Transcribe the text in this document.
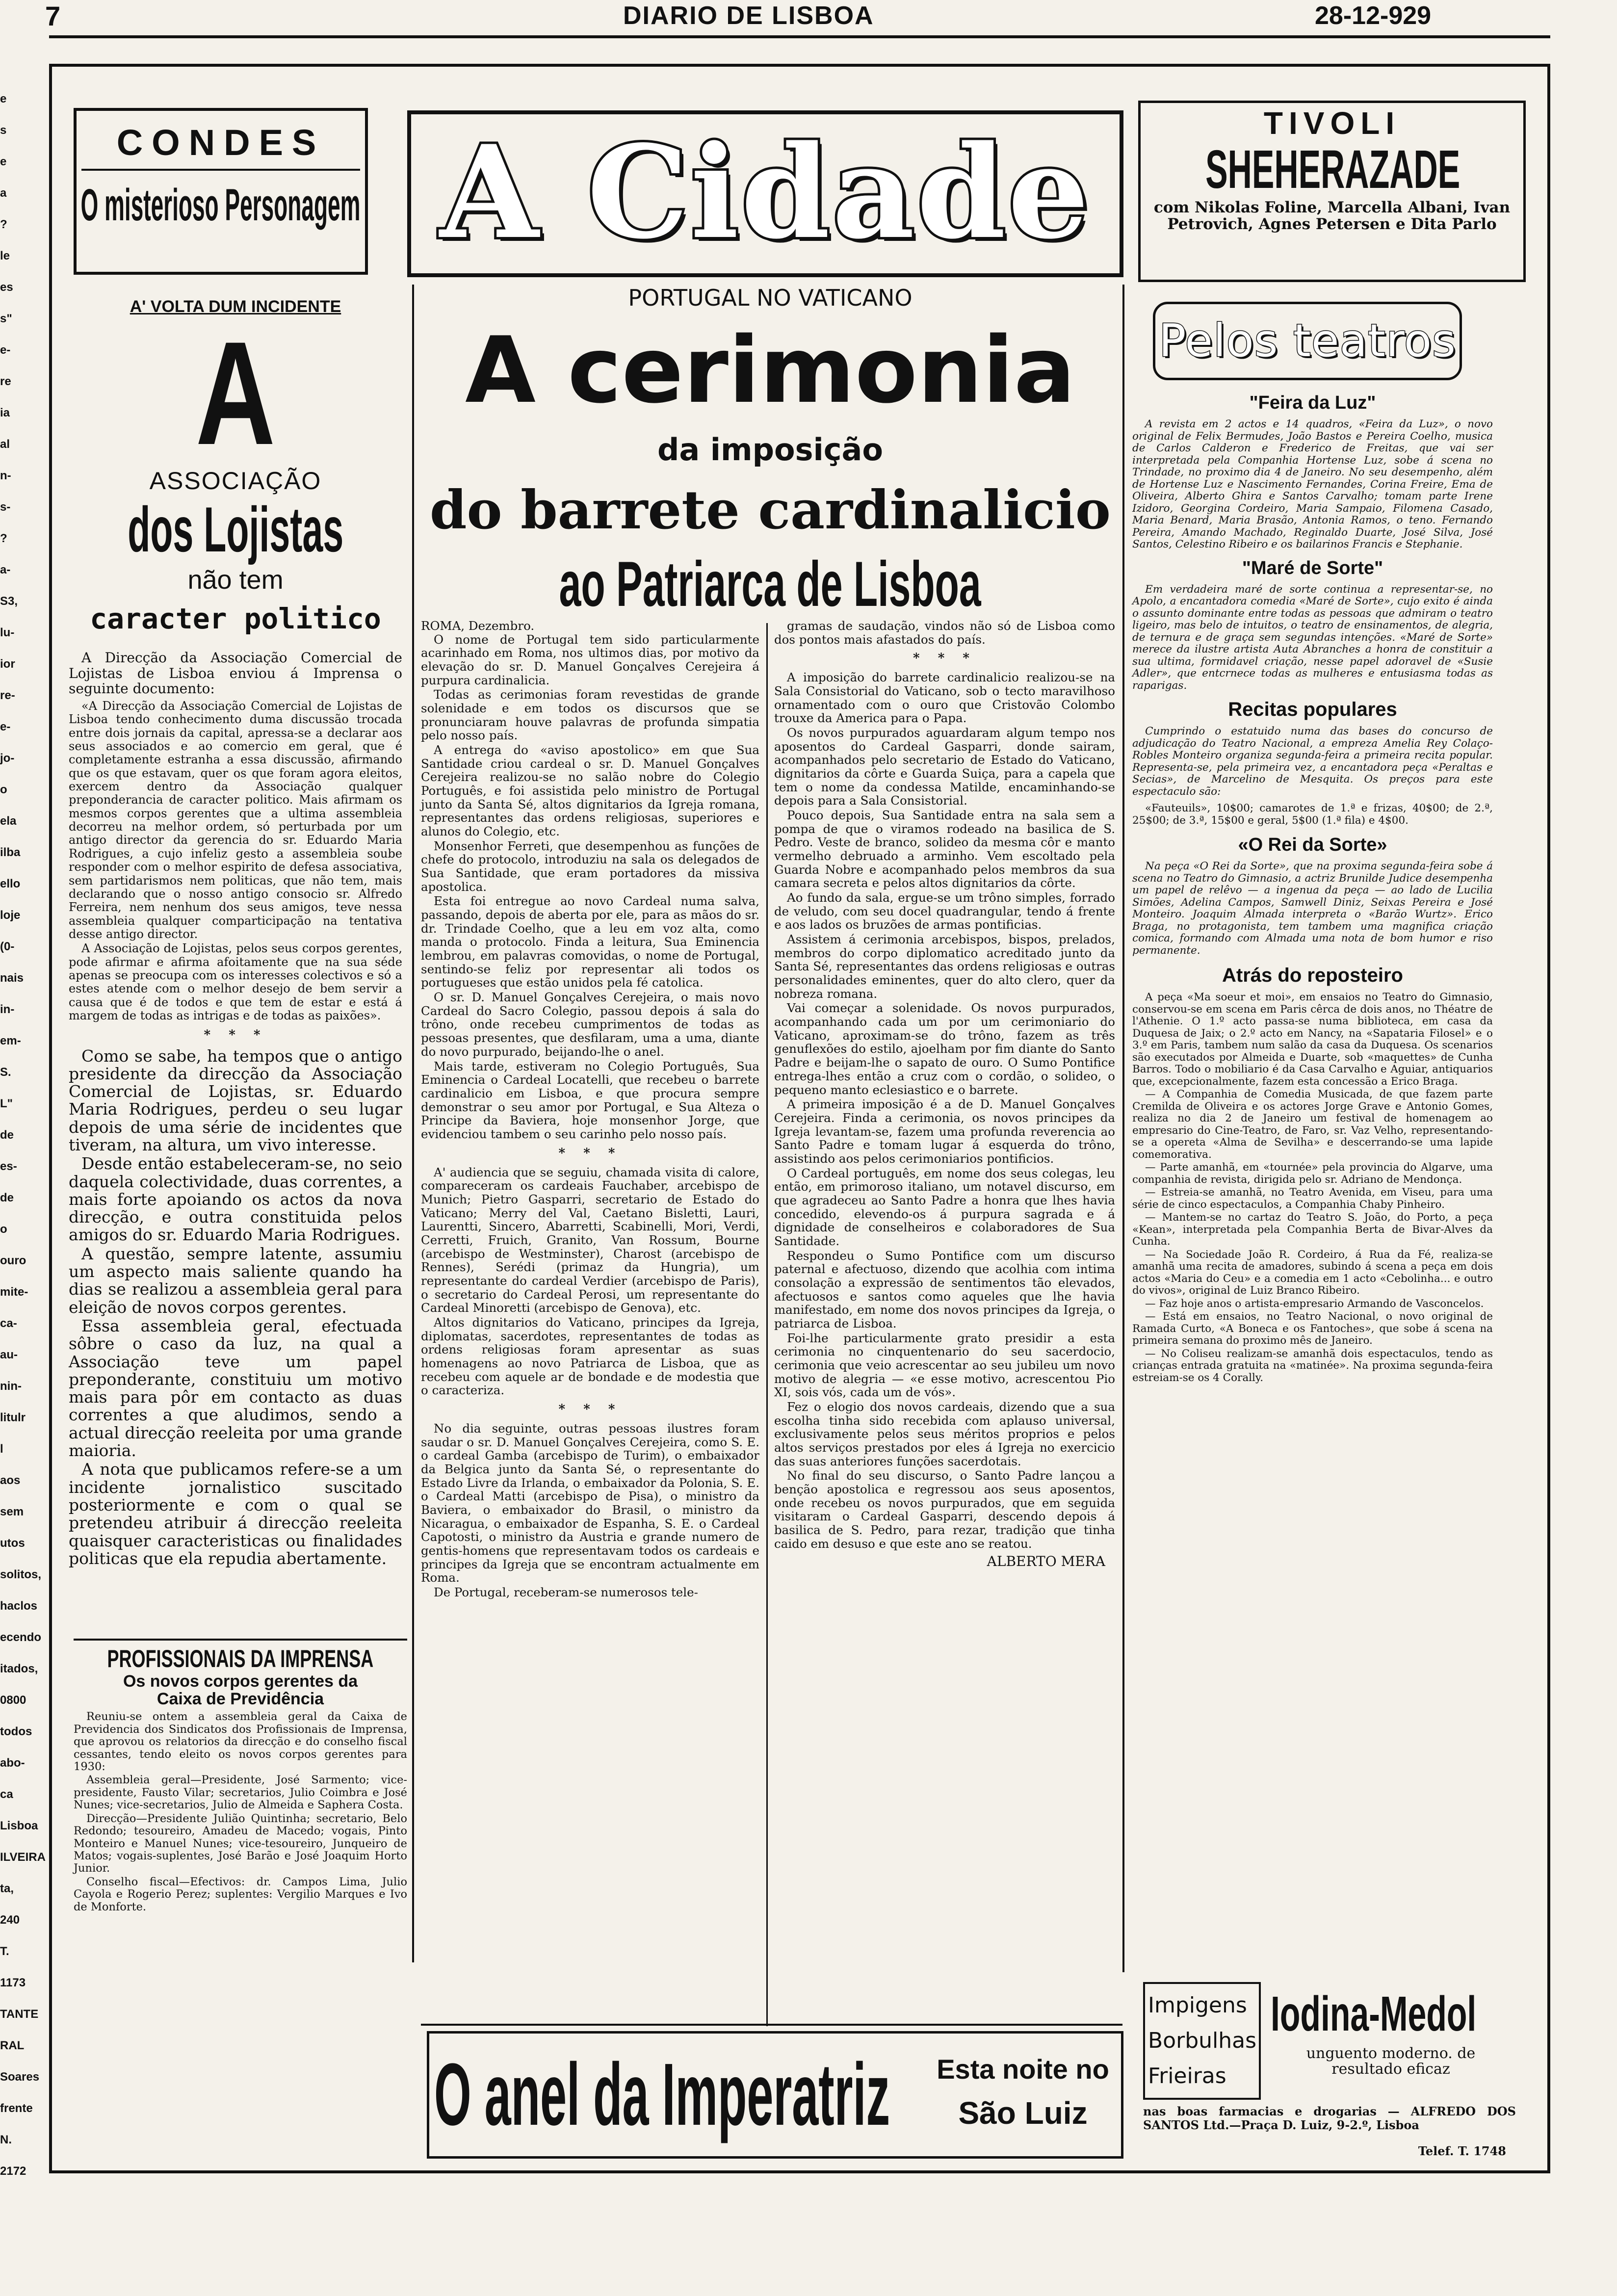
7	DIARIO DE LISBOA	28-12-929
e
s
e
a
?
le
es
s"
e-
re
ia
al
n-
s-
?
a-
S3,
lu-
ior
re-
e-
jo-
o
ela
ilba
ello
loje
(0-
nais
in-
em-
S.
L"
de
es-
de
o
ouro
mite-
ca-
au-
nin-
litulr
l aos
sem
utos
solitos,
haclos
ecendo
itados,
0800
todos
abo-
ca
Lisboa
ILVEIRA
ta, 240
T. 1173
TANTE
RAL
Soares
frente
N. 2172
CONDES
O misterioso Personagem A Cidade	TIVOLI
SHEHERAZADE
com Nikolas Foline, Marcella Albani, Ivan Petrovich, Agnes Petersen e Dita Parlo
A' VOLTA DUM INCIDENTE
A
ASSOCIAÇÃO
dos Lojistas
não tem
caracter politico

A Direcção da Associação Comercial de Lojistas de Lisboa enviou á Imprensa o seguinte documento:

«A Direcção da Associação Comercial de Lojistas de Lisboa tendo conhecimento duma discussão trocada entre dois jornais da capital, apressa-se a declarar aos seus associados e ao comercio em geral, que é completamente estranha a essa discussão, afirmando que os que estavam, quer os que foram agora eleitos, exercem dentro da Associação qualquer preponderancia de caracter politico. Mais afirmam os mesmos corpos gerentes que a ultima assembleia decorreu na melhor ordem, só perturbada por um antigo director da gerencia do sr. Eduardo Maria Rodrigues, a cujo infeliz gesto a assembleia soube responder com o melhor espirito de defesa associativa, sem partidarismos nem politicas, que não tem, mais declarando que o nosso antigo consocio sr. Alfredo Ferreira, nem nenhum dos seus amigos, teve nessa assembleia qualquer comparticipação na tentativa desse antigo director.

A Associação de Lojistas, pelos seus corpos gerentes, pode afirmar e afirma afoitamente que na sua séde apenas se preocupa com os interesses colectivos e só a estes atende com o melhor desejo de bem servir a causa que é de todos e que tem de estar e está á margem de todas as intrigas e de todas as paixões».

* * *

Como se sabe, ha tempos que o antigo presidente da direcção da Associação Comercial de Lojistas, sr. Eduardo Maria Rodrigues, perdeu o seu lugar depois de uma série de incidentes que tiveram, na altura, um vivo interesse.

Desde então estabeleceram-se, no seio daquela colectividade, duas correntes, a mais forte apoiando os actos da nova direcção, e outra constituida pelos amigos do sr. Eduardo Maria Rodrigues.

A questão, sempre latente, assumiu um aspecto mais saliente quando ha dias se realizou a assembleia geral para eleição de novos corpos gerentes.

Essa assembleia geral, efectuada sôbre o caso da luz, na qual a Associação teve um papel preponderante, constituiu um motivo mais para pôr em contacto as duas correntes a que aludimos, sendo a actual direcção reeleita por uma grande maioria.

A nota que publicamos refere-se a um incidente jornalistico suscitado posteriormente e com o qual se pretendeu atribuir á direcção reeleita quaisquer caracteristicas ou finalidades politicas que ela repudia abertamente.

PROFISSIONAIS DA IMPRENSA
Os novos corpos gerentes da Caixa de Previdência

Reuniu-se ontem a assembleia geral da Caixa de Previdencia dos Sindicatos dos Profissionais de Imprensa, que aprovou os relatorios da direcção e do conselho fiscal cessantes, tendo eleito os novos corpos gerentes para 1930:

Assembleia geral—Presidente, José Sarmento; vice-presidente, Fausto Vilar; secretarios, Julio Coimbra e José Nunes; vice-secretarios, Julio de Almeida e Saphera Costa.

Direcção—Presidente Julião Quintinha; secretario, Belo Redondo; tesoureiro, Amadeu de Macedo; vogais, Pinto Monteiro e Manuel Nunes; vice-tesoureiro, Junqueiro de Matos; vogais-suplentes, José Barão e José Joaquim Horto Junior.

Conselho fiscal—Efectivos: dr. Campos Lima, Julio Cayola e Rogerio Perez; suplentes: Vergilio Marques e Ivo de Monforte.

PORTUGAL NO VATICANO
A cerimonia
da imposição
do barrete cardinalicio
ao Patriarca de Lisboa
ROMA, Dezembro.

O nome de Portugal tem sido particularmente acarinhado em Roma, nos ultimos dias, por motivo da elevação do sr. D. Manuel Gonçalves Cerejeira á purpura cardinalicia.

Todas as cerimonias foram revestidas de grande solenidade e em todos os discursos que se pronunciaram houve palavras de profunda simpatia pelo nosso país.

A entrega do «aviso apostolico» em que Sua Santidade criou cardeal o sr. D. Manuel Gonçalves Cerejeira realizou-se no salão nobre do Colegio Português, e foi assistida pelo ministro de Portugal junto da Santa Sé, altos dignitarios da Igreja romana, representantes das ordens religiosas, superiores e alunos do Colegio, etc.

Monsenhor Ferreti, que desempenhou as funções de chefe do protocolo, introduziu na sala os delegados de Sua Santidade, que eram portadores da missiva apostolica.

Esta foi entregue ao novo Cardeal numa salva, passando, depois de aberta por ele, para as mãos do sr. dr. Trindade Coelho, que a leu em voz alta, como manda o protocolo. Finda a leitura, Sua Eminencia lembrou, em palavras comovidas, o nome de Portugal, sentindo-se feliz por representar ali todos os portugueses que estão unidos pela fé catolica.

O sr. D. Manuel Gonçalves Cerejeira, o mais novo Cardeal do Sacro Colegio, passou depois á sala do trôno, onde recebeu cumprimentos de todas as pessoas presentes, que desfilaram, uma a uma, diante do novo purpurado, beijando-lhe o anel.

Mais tarde, estiveram no Colegio Português, Sua Eminencia o Cardeal Locatelli, que recebeu o barrete cardinalicio em Lisboa, e que procura sempre demonstrar o seu amor por Portugal, e Sua Alteza o Principe da Baviera, hoje monsenhor Jorge, que evidenciou tambem o seu carinho pelo nosso país.

* * *

A' audiencia que se seguiu, chamada visita di calore, compareceram os cardeais Fauchaber, arcebispo de Munich; Pietro Gasparri, secretario de Estado do Vaticano; Merry del Val, Caetano Bisletti, Lauri, Laurentti, Sincero, Abarretti, Scabinelli, Mori, Verdi, Cerretti, Fruich, Granito, Van Rossum, Bourne (arcebispo de Westminster), Charost (arcebispo de Rennes), Serédi (primaz da Hungria), um representante do cardeal Verdier (arcebispo de Paris), o secretario do Cardeal Perosi, um representante do Cardeal Minoretti (arcebispo de Genova), etc.

Altos dignitarios do Vaticano, principes da Igreja, diplomatas, sacerdotes, representantes de todas as ordens religiosas foram apresentar as suas homenagens ao novo Patriarca de Lisboa, que as recebeu com aquele ar de bondade e de modestia que o caracteriza.

* * *

No dia seguinte, outras pessoas ilustres foram saudar o sr. D. Manuel Gonçalves Cerejeira, como S. E. o cardeal Gamba (arcebispo de Turim), o embaixador da Belgica junto da Santa Sé, o representante do Estado Livre da Irlanda, o embaixador da Polonia, S. E. o Cardeal Matti (arcebispo de Pisa), o ministro da Baviera, o embaixador do Brasil, o ministro da Nicaragua, o embaixador de Espanha, S. E. o Cardeal Capotosti, o ministro da Austria e grande numero de gentis-homens que representavam todos os cardeais e principes da Igreja que se encontram actualmente em Roma.

De Portugal, receberam-se numerosos tele-

gramas de saudação, vindos não só de Lisboa como dos pontos mais afastados do país.

* * *

A imposição do barrete cardinalicio realizou-se na Sala Consistorial do Vaticano, sob o tecto maravilhoso ornamentado com o ouro que Cristovão Colombo trouxe da America para o Papa.

Os novos purpurados aguardaram algum tempo nos aposentos do Cardeal Gasparri, donde sairam, acompanhados pelo secretario de Estado do Vaticano, dignitarios da côrte e Guarda Suiça, para a capela que tem o nome da condessa Matilde, encaminhando-se depois para a Sala Consistorial.

Pouco depois, Sua Santidade entra na sala sem a pompa de que o viramos rodeado na basilica de S. Pedro. Veste de branco, solideo da mesma côr e manto vermelho debruado a arminho. Vem escoltado pela Guarda Nobre e acompanhado pelos membros da sua camara secreta e pelos altos dignitarios da côrte.

Ao fundo da sala, ergue-se um trôno simples, forrado de veludo, com seu docel quadrangular, tendo á frente e aos lados os bruzões de armas pontificias.

Assistem á cerimonia arcebispos, bispos, prelados, membros do corpo diplomatico acreditado junto da Santa Sé, representantes das ordens religiosas e outras personalidades eminentes, quer do alto clero, quer da nobreza romana.

Vai começar a solenidade. Os novos purpurados, acompanhando cada um por um cerimoniario do Vaticano, aproximam-se do trôno, fazem as três genuflexões do estilo, ajoelham por fim diante do Santo Padre e beijam-lhe o sapato de ouro. O Sumo Pontifice entrega-lhes então a cruz com o cordão, o solideo, o pequeno manto eclesiastico e o barrete.

A primeira imposição é a de D. Manuel Gonçalves Cerejeira. Finda a cerimonia, os novos principes da Igreja levantam-se, fazem uma profunda reverencia ao Santo Padre e tomam lugar á esquerda do trôno, assistindo aos pelos cerimoniarios pontificios.

O Cardeal português, em nome dos seus colegas, leu então, em primoroso italiano, um notavel discurso, em que agradeceu ao Santo Padre a honra que lhes havia concedido, elevendo-os á purpura sagrada e á dignidade de conselheiros e colaboradores de Sua Santidade.

Respondeu o Sumo Pontifice com um discurso paternal e afectuoso, dizendo que acolhia com intima consolação a expressão de sentimentos tão elevados, afectuosos e santos como aqueles que lhe havia manifestado, em nome dos novos principes da Igreja, o patriarca de Lisboa.

Foi-lhe particularmente grato presidir a esta cerimonia no cinquentenario do seu sacerdocio, cerimonia que veio acrescentar ao seu jubileu um novo motivo de alegria — «e esse motivo, acrescentou Pio XI, sois vós, cada um de vós».

Fez o elogio dos novos cardeais, dizendo que a sua escolha tinha sido recebida com aplauso universal, exclusivamente pelos seus méritos proprios e pelos altos serviços prestados por eles á Igreja no exercicio das suas anteriores funções sacerdotais.

No final do seu discurso, o Santo Padre lançou a benção apostolica e regressou aos seus aposentos, onde recebeu os novos purpurados, que em seguida visitaram o Cardeal Gasparri, descendo depois á basilica de S. Pedro, para rezar, tradição que tinha caido em desuso e que este ano se reatou.

ALBERTO MERA
Pelos teatros
"Feira da Luz"

A revista em 2 actos e 14 quadros, «Feira da Luz», o novo original de Felix Bermudes, João Bastos e Pereira Coelho, musica de Carlos Calderon e Frederico de Freitas, que vai ser interpretada pela Companhia Hortense Luz, sobe á scena no Trindade, no proximo dia 4 de Janeiro. No seu desempenho, além de Hortense Luz e Nascimento Fernandes, Corina Freire, Ema de Oliveira, Alberto Ghira e Santos Carvalho; tomam parte Irene Izidoro, Georgina Cordeiro, Maria Sampaio, Filomena Casado, Maria Benard, Maria Brasão, Antonia Ramos, o teno. Fernando Pereira, Amando Machado, Reginaldo Duarte, José Silva, José Santos, Celestino Ribeiro e os bailarinos Francis e Stephanie.

"Maré de Sorte"

Em verdadeira maré de sorte continua a representar-se, no Apolo, a encantadora comedia «Maré de Sorte», cujo exito é ainda o assunto dominante entre todas as pessoas que admiram o teatro ligeiro, mas belo de intuitos, o teatro de ensinamentos, de alegria, de ternura e de graça sem segundas intenções. «Maré de Sorte» merece da ilustre artista Auta Abranches a honra de constituir a sua ultima, formidavel criação, nesse papel adoravel de «Susie Adler», que entcrnece todas as mulheres e entusiasma todas as raparigas.

Recitas populares

Cumprindo o estatuido numa das bases do concurso de adjudicação do Teatro Nacional, a empreza Amelia Rey Colaço-Robles Monteiro organiza segunda-feira a primeira recita popular. Representa-se, pela primeira vez, a encantadora peça «Peraltas e Secias», de Marcelino de Mesquita. Os preços para este espectaculo são:

«Fauteuils», 10$00; camarotes de 1.ª e frizas, 40$00; de 2.ª, 25$00; de 3.ª, 15$00 e geral, 5$00 (1.ª fila) e 4$00.

«O Rei da Sorte»

Na peça «O Rei da Sorte», que na proxima segunda-feira sobe á scena no Teatro do Gimnasio, a actriz Brunilde Judice desempenha um papel de relêvo — a ingenua da peça — ao lado de Lucilia Simões, Adelina Campos, Samwell Diniz, Seixas Pereira e José Monteiro. Joaquim Almada interpreta o «Barão Wurtz». Erico Braga, no protagonista, tem tambem uma magnifica criação comica, formando com Almada uma nota de bom humor e riso permanente.

Atrás do reposteiro

A peça «Ma soeur et moi», em ensaios no Teatro do Gimnasio, conservou-se em scena em Paris cêrca de dois anos, no Théatre de l'Athenie. O 1.º acto passa-se numa biblioteca, em casa da Duquesa de Jaix; o 2.º acto em Nancy, na «Sapataria Filosel» e o 3.º em Paris, tambem num salão da casa da Duquesa. Os scenarios são executados por Almeida e Duarte, sob «maquettes» de Cunha Barros. Todo o mobiliario é da Casa Carvalho e Aguiar, antiquarios que, excepcionalmente, fazem esta concessão a Erico Braga.

— A Companhia de Comedia Musicada, de que fazem parte Cremilda de Oliveira e os actores Jorge Grave e Antonio Gomes, realiza no dia 2 de Janeiro um festival de homenagem ao empresario do Cine-Teatro, de Faro, sr. Vaz Velho, representando-se a opereta «Alma de Sevilha» e descerrando-se uma lapide comemorativa.

— Parte amanhã, em «tournée» pela provincia do Algarve, uma companhia de revista, dirigida pelo sr. Adriano de Mendonça.

— Estreia-se amanhã, no Teatro Avenida, em Viseu, para uma série de cinco espectaculos, a Companhia Chaby Pinheiro.

— Mantem-se no cartaz do Teatro S. João, do Porto, a peça «Kean», interpretada pela Companhia Berta de Bivar-Alves da Cunha.

— Na Sociedade João R. Cordeiro, á Rua da Fé, realiza-se amanhã uma recita de amadores, subindo á scena a peça em dois actos «Maria do Ceu» e a comedia em 1 acto «Cebolinha... e outro do vivos», original de Luiz Branco Ribeiro.

— Faz hoje anos o artista-empresario Armando de Vasconcelos.

— Está em ensaios, no Teatro Nacional, o novo original de Ramada Curto, «A Boneca e os Fantoches», que sobe á scena na primeira semana do proximo mês de Janeiro.

— No Coliseu realizam-se amanhã dois espectaculos, tendo as crianças entrada gratuita na «matinée». Na proxima segunda-feira estreiam-se os 4 Corally.

O anel da Imperatriz	Esta noite no
São Luiz
Impigens
Borbulhas
Frieiras
Iodina-Medol
unguento moderno. de resultado eficaz
nas boas farmacias e drogarias — ALFREDO DOS SANTOS Ltd.—Praça D. Luiz, 9-2.º, Lisboa
Telef. T. 1748
